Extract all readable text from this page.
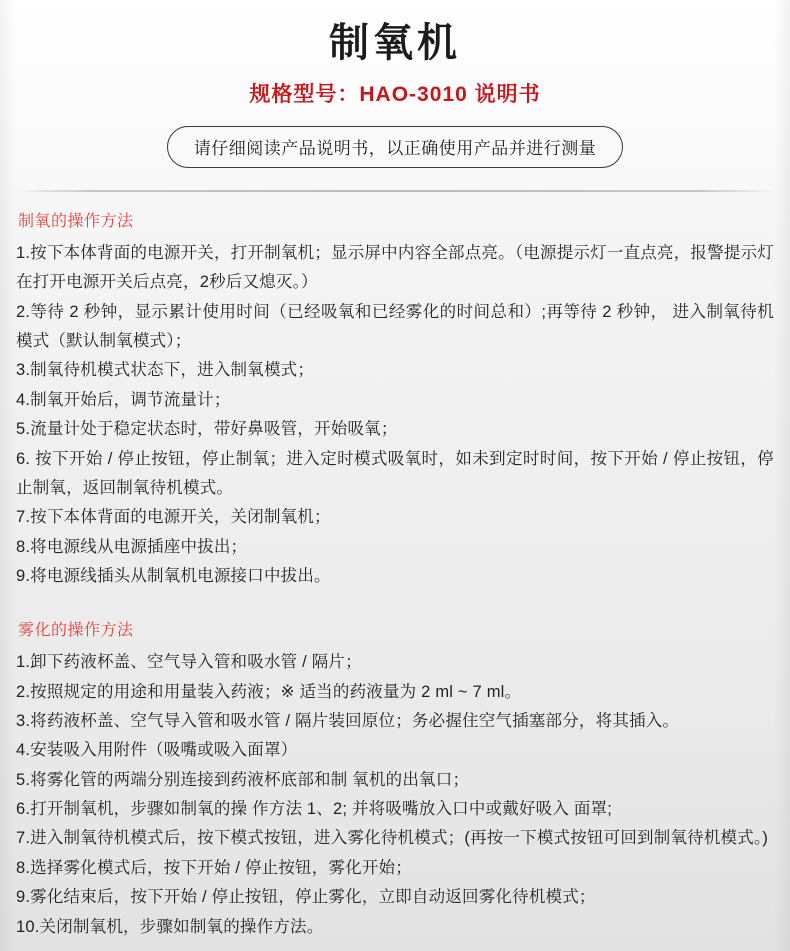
制氧机
规格型号：HAO-3010 说明书
请仔细阅读产品说明书，以正确使用产品并进行测量
制氧的操作方法

1.按下本体背面的电源开关，打开制氧机；显示屏中内容全部点亮。（电源提示灯一直点亮，报警提示灯在打开电源开关后点亮，2秒后又熄灭。）

2.等待 2 秒钟，显示累计使用时间（已经吸氧和已经雾化的时间总和）;再等待 2 秒钟， 进入制氧待机模式（默认制氧模式）；

3.制氧待机模式状态下，进入制氧模式；

4.制氧开始后，调节流量计；

5.流量计处于稳定状态时，带好鼻吸管，开始吸氧；

6. 按下开始 / 停止按钮，停止制氧；进入定时模式吸氧时，如未到定时时间，按下开始 / 停止按钮，停止制氧，返回制氧待机模式。

7.按下本体背面的电源开关，关闭制氧机；

8.将电源线从电源插座中拔出；

9.将电源线插头从制氧机电源接口中拔出。

雾化的操作方法

1.卸下药液杯盖、空气导入管和吸水管 / 隔片；

2.按照规定的用途和用量装入药液；※ 适当的药液量为 2 ml ~ 7 ml。

3.将药液杯盖、空气导入管和吸水管 / 隔片装回原位；务必握住空气插塞部分，将其插入。

4.安装吸入用附件（吸嘴或吸入面罩）

5.将雾化管的两端分别连接到药液杯底部和制 氧机的出氧口；

6.打开制氧机，步骤如制氧的操 作方法 1、2; 并将吸嘴放入口中或戴好吸入 面罩;

7.进入制氧待机模式后，按下模式按钮，进入雾化待机模式；(再按一下模式按钮可回到制氧待机模式。)

8.选择雾化模式后，按下开始 / 停止按钮，雾化开始；

9.雾化结束后，按下开始 / 停止按钮，停止雾化，立即自动返回雾化待机模式；

10.关闭制氧机，步骤如制氧的操作方法。
